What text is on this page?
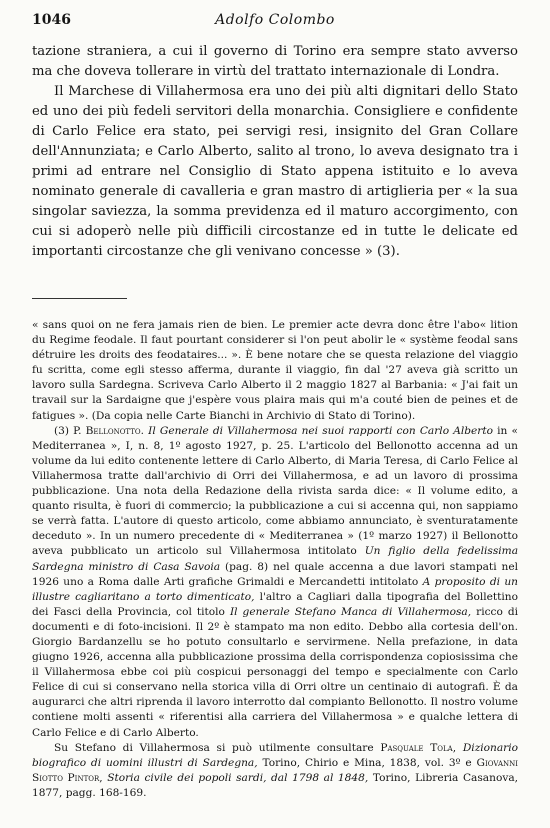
1046	Adolfo Colombo

tazione straniera, a cui il governo di Torino era sempre stato avverso ma che doveva tollerare in virtù del trattato internazionale di Londra.

Il Marchese di Villahermosa era uno dei più alti dignitari dello Stato ed uno dei più fedeli servitori della monarchia. Consigliere e confidente di Carlo Felice era stato, pei servigi resi, insignito del Gran Collare dell'Annunziata; e Carlo Alberto, salito al trono, lo aveva designato tra i primi ad entrare nel Consiglio di Stato appena istituito e lo aveva nominato generale di cavalleria e gran mastro di artiglieria per « la sua singolar saviezza, la somma previdenza ed il maturo accorgimento, con cui si adoperò nelle più difficili circostanze ed in tutte le delicate ed importanti circostanze che gli venivano concesse » (3).

« sans quoi on ne fera jamais rien de bien. Le premier acte devra donc être l'abo« lition du Regime feodale. Il faut pourtant considerer si l'on peut abolir le « système feodal sans détruire les droits des feodataires... ». È bene notare che se questa relazione del viaggio fu scritta, come egli stesso afferma, durante il viaggio, fin dal '27 aveva già scritto un lavoro sulla Sardegna. Scriveva Carlo Alberto il 2 maggio 1827 al Barbania: « J'ai fait un travail sur la Sardaigne que j'espère vous plaira mais qui m'a couté bien de peines et de fatigues ». (Da copia nelle Carte Bianchi in Archivio di Stato di Torino).

(3) P. Bellonotto. Il Generale di Villahermosa nei suoi rapporti con Carlo Alberto in « Mediterranea », I, n. 8, 1º agosto 1927, p. 25. L'articolo del Bellonotto accenna ad un volume da lui edito contenente lettere di Carlo Alberto, di Maria Teresa, di Carlo Felice al Villahermosa tratte dall'archivio di Orri dei Villahermosa, e ad un lavoro di prossima pubblicazione. Una nota della Redazione della rivista sarda dice: « Il volume edito, a quanto risulta, è fuori di commercio; la pubblicazione a cui si accenna qui, non sappiamo se verrà fatta. L'autore di questo articolo, come abbiamo annunciato, è sventuratamente deceduto ». In un numero precedente di « Mediterranea » (1º marzo 1927) il Bellonotto aveva pubblicato un articolo sul Villahermosa intitolato Un figlio della fedelissima Sardegna ministro di Casa Savoia (pag. 8) nel quale accenna a due lavori stampati nel 1926 uno a Roma dalle Arti grafiche Grimaldi e Mercandetti intitolato A proposito di un illustre cagliaritano a torto dimenticato, l'altro a Cagliari dalla tipografia del Bollettino dei Fasci della Provincia, col titolo Il generale Stefano Manca di Villahermosa, ricco di documenti e di foto-incisioni. Il 2º è stampato ma non edito. Debbo alla cortesia dell'on. Giorgio Bardanzellu se ho potuto consultarlo e servirmene. Nella prefazione, in data giugno 1926, accenna alla pubblicazione prossima della corrispondenza copiosissima che il Villahermosa ebbe coi più cospicui personaggi del tempo e specialmente con Carlo Felice di cui si conservano nella storica villa di Orri oltre un centinaio di autografi. È da augurarci che altri riprenda il lavoro interrotto dal compianto Bellonotto. Il nostro volume contiene molti assenti « riferentisi alla carriera del Villahermosa » e qualche lettera di Carlo Felice e di Carlo Alberto.

Su Stefano di Villahermosa si può utilmente consultare Pasquale Tola, Dizionario biografico di uomini illustri di Sardegna, Torino, Chirio e Mina, 1838, vol. 3º e Giovanni Siotto Pintor, Storia civile dei popoli sardi, dal 1798 al 1848, Torino, Libreria Casanova, 1877, pagg. 168-169.
